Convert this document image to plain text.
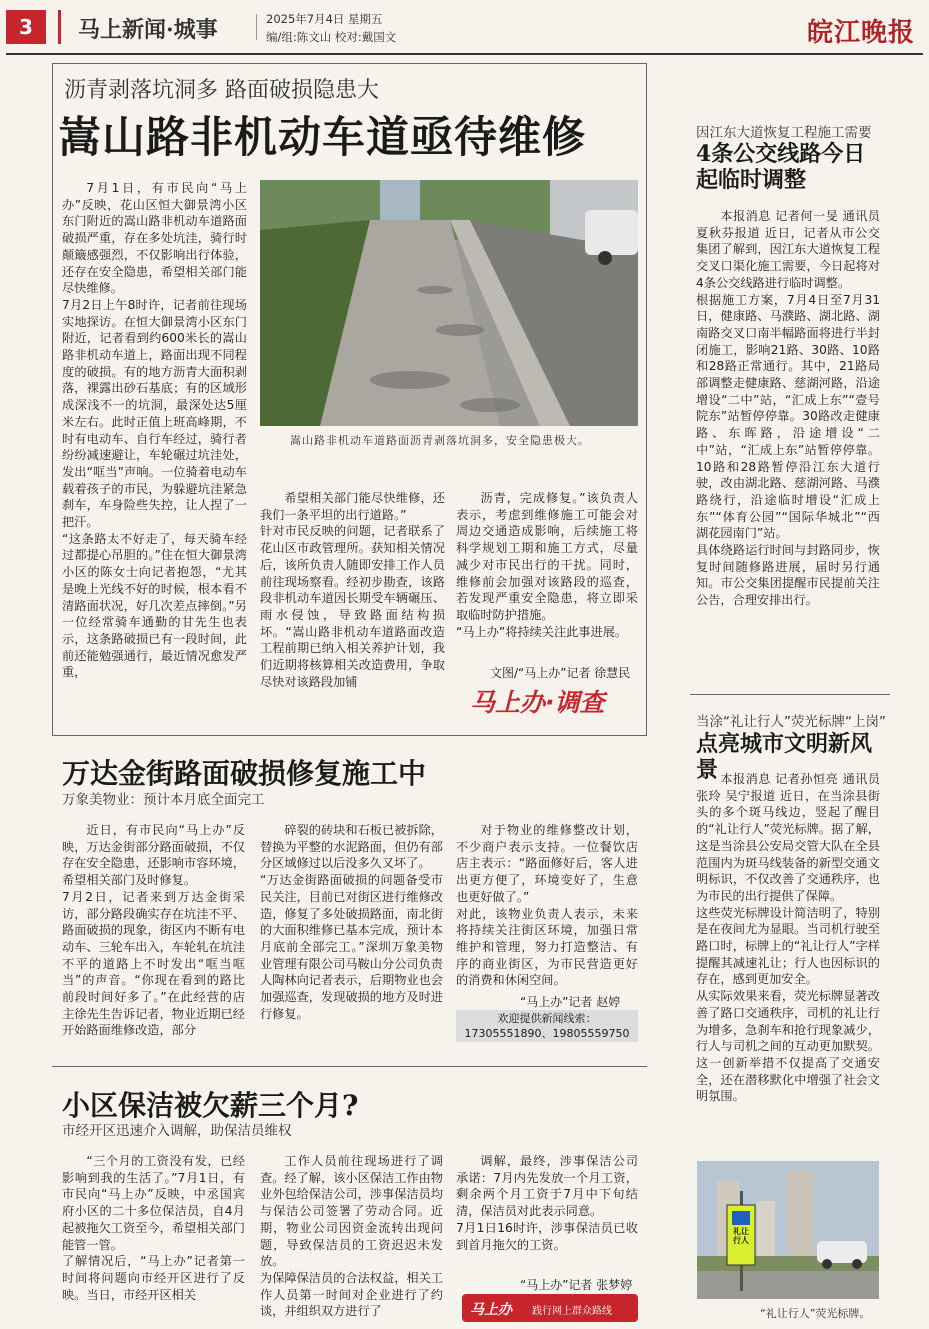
3	马上新闻·城事	2025年7月4日 星期五
编/组:陈文山 校对:戴国文	皖江晚报
沥青剥落坑洞多 路面破损隐患大
嵩山路非机动车道亟待维修
7月1日，有市民向“马上办”反映，花山区恒大御景湾小区东门附近的嵩山路非机动车道路面破损严重，存在多处坑洼，骑行时颠簸感强烈，不仅影响出行体验，还存在安全隐患，希望相关部门能尽快维修。
7月2日上午8时许，记者前往现场实地探访。在恒大御景湾小区东门附近，记者看到约600米长的嵩山路非机动车道上，路面出现不同程度的破损。有的地方沥青大面积剥落，裸露出砂石基底；有的区域形成深浅不一的坑洞，最深处达5厘米左右。此时正值上班高峰期，不时有电动车、自行车经过，骑行者纷纷减速避让，车轮碾过坑洼处，发出“哐当”声响。一位骑着电动车载着孩子的市民，为躲避坑洼紧急刹车，车身险些失控，让人捏了一把汗。
“这条路太不好走了，每天骑车经过都提心吊胆的。”住在恒大御景湾小区的陈女士向记者抱怨，“尤其是晚上光线不好的时候，根本看不清路面状况，好几次差点摔倒。”另一位经常骑车通勤的甘先生也表示，这条路破损已有一段时间，此前还能勉强通行，最近情况愈发严重，
嵩山路非机动车道路面沥青剥落坑洞多，安全隐患极大。
希望相关部门能尽快维修，还我们一条平坦的出行道路。”
针对市民反映的问题，记者联系了花山区市政管理所。获知相关情况后，该所负责人随即安排工作人员前往现场察看。经初步勘查，该路段非机动车道因长期受车辆碾压、雨水侵蚀，导致路面结构损坏。“嵩山路非机动车道路面改造工程前期已纳入相关养护计划，我们近期将核算相关改造费用，争取尽快对该路段加铺
沥青，完成修复。”该负责人表示，考虑到维修施工可能会对周边交通造成影响，后续施工将科学规划工期和施工方式，尽量减少对市民出行的干扰。同时，维修前会加强对该路段的巡查，若发现严重安全隐患，将立即采取临时防护措施。
“马上办”将持续关注此事进展。
文图/“马上办”记者 徐慧民
马上办·调查
万达金街路面破损修复施工中
万象美物业：预计本月底全面完工
近日，有市民向“马上办”反映，万达金街部分路面破损，不仅存在安全隐患，还影响市容环境，希望相关部门及时修复。
7月2日，记者来到万达金街采访，部分路段确实存在坑洼不平、路面破损的现象，街区内不断有电动车、三轮车出入，车轮轧在坑洼不平的道路上不时发出“哐当哐当”的声音。“你现在看到的路比前段时间好多了。”在此经营的店主徐先生告诉记者，物业近期已经开始路面维修改造，部分
碎裂的砖块和石板已被拆除，替换为平整的水泥路面，但仍有部分区域修过以后没多久又坏了。
“万达金街路面破损的问题备受市民关注，目前已对街区进行维修改造，修复了多处破损路面，南北街的大面积维修已基本完成，预计本月底前全部完工。”深圳万象美物业管理有限公司马鞍山分公司负责人陶林向记者表示，后期物业也会加强巡查，发现破损的地方及时进行修复。
对于物业的维修整改计划，不少商户表示支持。一位餐饮店店主表示：“路面修好后，客人进出更方便了，环境变好了，生意也更好做了。”
对此，该物业负责人表示，未来将持续关注街区环境，加强日常维护和管理，努力打造整洁、有序的商业街区，为市民营造更好的消费和休闲空间。
“马上办”记者 赵婷
欢迎提供新闻线索：
17305551890、19805559750
小区保洁被欠薪三个月?
市经开区迅速介入调解，助保洁员维权
“三个月的工资没有发，已经影响到我的生活了。”7月1日，有市民向“马上办”反映，中丞国宾府小区的二十多位保洁员，自4月起被拖欠工资至今，希望相关部门能管一管。
了解情况后，“马上办”记者第一时间将问题向市经开区进行了反映。当日，市经开区相关
工作人员前往现场进行了调查。经了解，该小区保洁工作由物业外包给保洁公司，涉事保洁员均与保洁公司签署了劳动合同。近期，物业公司因资金流转出现问题，导致保洁员的工资迟迟未发放。
为保障保洁员的合法权益，相关工作人员第一时间对企业进行了约谈，并组织双方进行了
调解，最终，涉事保洁公司承诺：7月内先发放一个月工资，剩余两个月工资于7月中下旬结清，保洁员对此表示同意。
7月1日16时许，涉事保洁员已收到首月拖欠的工资。
“马上办”记者 张梦婷
马上办 践行网上群众路线
因江东大道恢复工程施工需要
4条公交线路今日起临时调整
本报消息 记者何一旻 通讯员夏秋芬报道 近日，记者从市公交集团了解到，因江东大道恢复工程交叉口渠化施工需要，今日起将对4条公交线路进行临时调整。
根据施工方案，7月4日至7月31日，健康路、马濮路、湖北路、湖南路交叉口南半幅路面将进行半封闭施工，影响21路、30路、10路和28路正常通行。其中，21路局部调整走健康路、慈湖河路，沿途增设“二中”站，“汇成上东”“壹号院东”站暂停停靠。30路改走健康路、东晖路，沿途增设“二中”站，“汇成上东”站暂停停靠。10路和28路暂停沿江东大道行驶，改由湖北路、慈湖河路、马濮路绕行，沿途临时增设“汇成上东”“体育公园”“国际华城北”“西湖花园南门”站。
具体绕路运行时间与封路同步，恢复时间随修路进展，届时另行通知。市公交集团提醒市民提前关注公告，合理安排出行。
当涂“礼让行人”荧光标牌“上岗”
点亮城市文明新风景 本报消息 记者孙恒亮 通讯员张玲 吴宁报道 近日，在当涂县街头的多个斑马线边，竖起了醒目的“礼让行人”荧光标牌。据了解，这是当涂县公安局交管大队在全县范围内为斑马线装备的新型交通文明标识，不仅改善了交通秩序，也为市民的出行提供了保障。
这些荧光标牌设计简洁明了，特别是在夜间尤为显眼。当司机行驶至路口时，标牌上的“礼让行人”字样提醒其减速礼让；行人也因标识的存在，感到更加安全。
从实际效果来看，荧光标牌显著改善了路口交通秩序，司机的礼让行为增多，急刹车和抢行现象减少，行人与司机之间的互动更加默契。这一创新举措不仅提高了交通安全，还在潜移默化中增强了社会文明氛围。
礼让行人
“礼让行人”荧光标牌。
